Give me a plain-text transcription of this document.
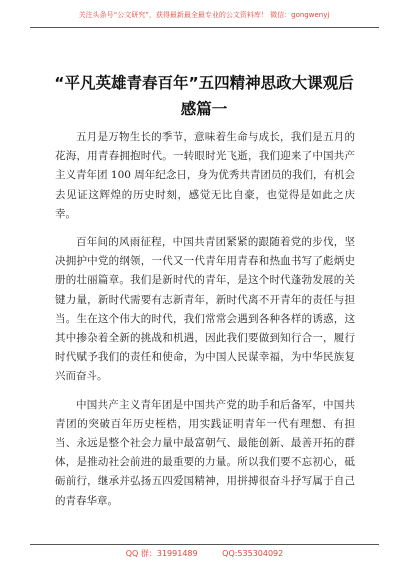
关注头条号“公文研究”，获得最新最全最专业的公文资料库！ 微信：gongwenyj
“平凡英雄青春百年”五四精神思政大课观后
感篇一

五月是万物生长的季节，意味着生命与成长，我们是五月的花海，用青春拥抱时代。一转眼时光飞逝，我们迎来了中国共产主义青年团 100 周年纪念日，身为优秀共青团员的我们，有机会去见证这辉煌的历史时刻，感觉无比自豪，也觉得是如此之庆幸。

百年间的风雨征程，中国共青团紧紧的跟随着党的步伐，坚决拥护中党的纲领，一代又一代青年用青春和热血书写了彪炳史册的壮丽篇章。我们是新时代的青年，是这个时代蓬勃发展的关键力量，新时代需要有志新青年，新时代离不开青年的责任与担当。生在这个伟大的时代，我们常常会遇到各种各样的诱惑，这其中掺杂着全新的挑战和机遇，因此我们要做到知行合一，履行时代赋予我们的责任和使命，为中国人民谋幸福，为中华民族复兴而奋斗。

中国共产主义青年团是中国共产党的助手和后备军，中国共青团的突破百年历史桎梏，用实践证明青年一代有理想、有担当、永远是整个社会力量中最富朝气、最能创新、最善开拓的群体，是推动社会前进的最重要的力量。所以我们要不忘初心，砥砺前行，继承并弘扬五四爱国精神，用拼搏很奋斗抒写属于自己的青春华章。

QQ 群：31991489	QQ:535304092
